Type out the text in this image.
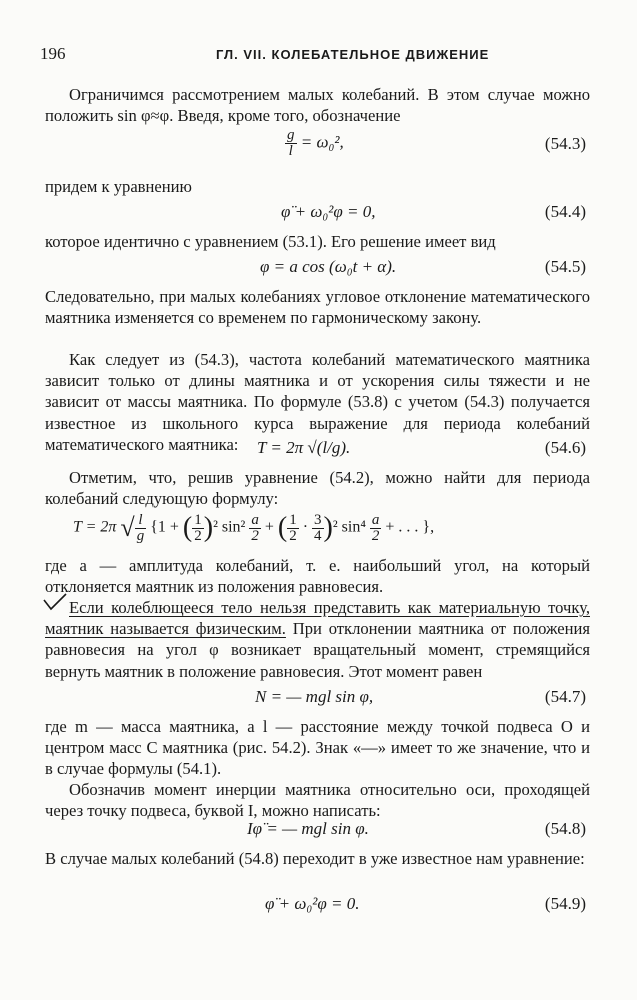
196	ГЛ. VII. КОЛЕБАТЕЛЬНОЕ ДВИЖЕНИЕ
Ограничимся рассмотрением малых колебаний. В этом случае можно положить sin φ≈φ. Введя, кроме того, обозначение
$\frac{g}{l} = \omega_0^2$,	(54.3)
придем к уравнению
φ̈ + ω₀²φ = 0,	(54.4)
которое идентично с уравнением (53.1). Его решение имеет вид
φ = a cos (ω₀t + α).	(54.5)
Следовательно, при малых колебаниях угловое отклонение математического маятника изменяется со временем по гармоническому закону.
Как следует из (54.3), частота колебаний математического маятника зависит только от длины маятника и от ускорения силы тяжести и не зависит от массы маятника. По формуле (53.8) с учетом (54.3) получается известное из школьного курса выражение для периода колебаний математического маятника:	T = 2π √(l/g).	(54.6)
Отметим, что, решив уравнение (54.2), можно найти для периода колебаний следующую формулу:
T = 2π √ $\frac{l}{g} \{1$ + ( $\frac{1}{2} )^2$ $\sin^2 \frac{a}{2}$ + ( $\frac{1}{2} \cdot \frac{3}{4} )^2$ $\sin^4 \frac{a}{2}$ + . . . },
где a — амплитуда колебаний, т. е. наибольший угол, на который отклоняется маятник из положения равновесия.
Если колеблющееся тело нельзя представить как материальную точку, маятник называется физическим. При отклонении маятника от положения равновесия на угол φ возникает вращательный момент, стремящийся вернуть маятник в положение равновесия. Этот момент равен
N = — mgl sin φ,	(54.7)
где m — масса маятника, а l — расстояние между точкой подвеса O и центром масс C маятника (рис. 54.2). Знак «—» имеет то же значение, что и в случае формулы (54.1).
Обозначив момент инерции маятника относительно оси, проходящей через точку подвеса, буквой I, можно написать:
Iφ̈ = — mgl sin φ.	(54.8)
В случае малых колебаний (54.8) переходит в уже известное нам уравнение:
φ̈ + ω₀²φ = 0.	(54.9)
